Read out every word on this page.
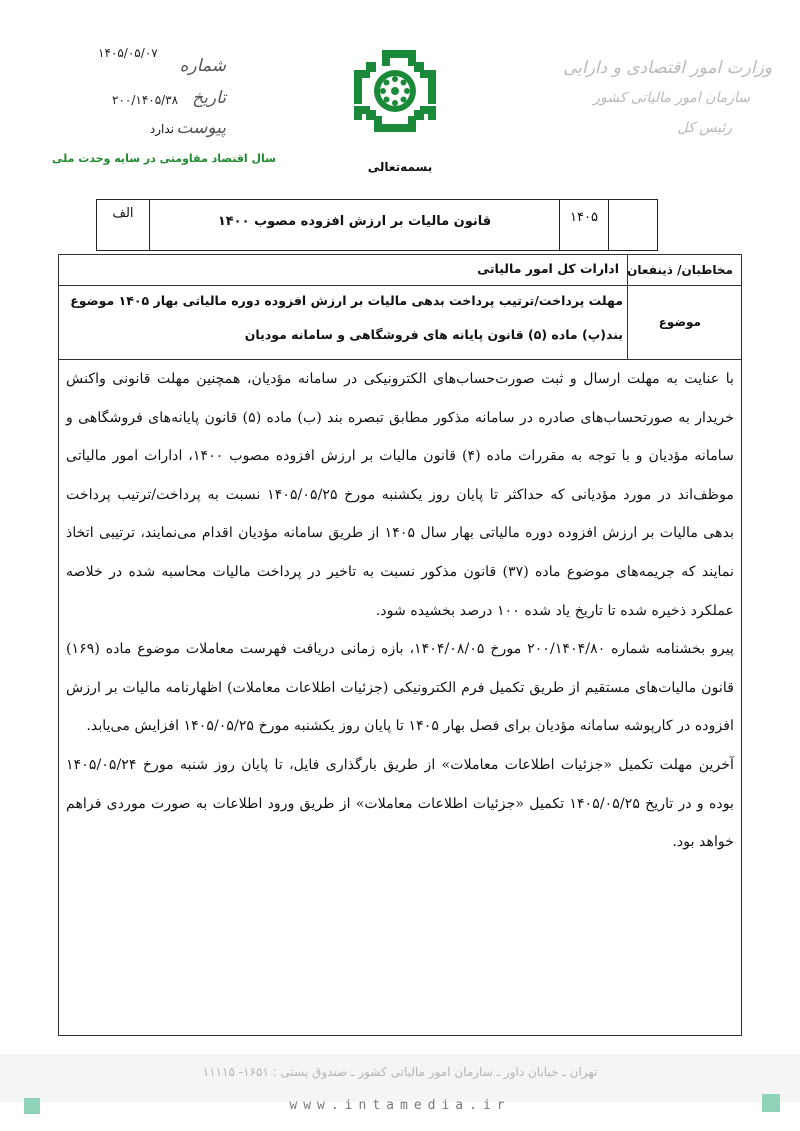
شماره
۱۴۰۵/۰۵/۰۷
تاریخ
۲۰۰/۱۴۰۵/۳۸
پیوست
ندارد
سال اقتصاد مقاومتی در سایه وحدت ملی
بسمه‌تعالی
وزارت امور اقتصادی و دارایی
سازمان امور مالیاتی کشور
رئیس کل
۱۴۰۵
قانون مالیات بر ارزش افزوده مصوب ۱۴۰۰
الف
مخاطبان/ ذینفعان
ادارات کل امور مالیاتی
موضوع
مهلت پرداخت/ترتیب پرداخت بدهی مالیات بر ارزش افزوده دوره مالیاتی بهار ۱۴۰۵ موضوع
بند(پ) ماده (۵) قانون پایانه های فروشگاهی و سامانه مودیان

با عنایت به مهلت ارسال و ثبت صورت‌حساب‌های الکترونیکی در سامانه مؤدیان، همچنین مهلت قانونی واکنش خریدار به صورتحساب‌های صادره در سامانه مذکور مطابق تبصره بند (ب) ماده (۵) قانون پایانه‌های فروشگاهی و سامانه مؤدیان و با توجه به مقررات ماده (۴) قانون مالیات بر ارزش افزوده مصوب ۱۴۰۰، ادارات امور مالیاتی موظف‌اند در مورد مؤدیانی که حداکثر تا پایان روز یکشنبه مورخ ۱۴۰۵/۰۵/۲۵ نسبت به پرداخت/ترتیب پرداخت بدهی مالیات بر ارزش افزوده دوره مالیاتی بهار سال ۱۴۰۵ از طریق سامانه مؤدیان اقدام می‌نمایند، ترتیبی اتخاذ نمایند که جریمه‌های موضوع ماده (۳۷) قانون مذکور نسبت به تاخیر در پرداخت مالیات محاسبه شده در خلاصه عملکرد ذخیره شده تا تاریخ یاد شده ۱۰۰ درصد بخشیده شود.

پیرو بخشنامه شماره ۲۰۰/۱۴۰۴/۸۰ مورخ ۱۴۰۴/۰۸/۰۵، بازه زمانی دریافت فهرست معاملات موضوع ماده (۱۶۹) قانون مالیات‌های مستقیم از طریق تکمیل فرم الکترونیکی (جزئیات اطلاعات معاملات) اظهارنامه مالیات بر ارزش افزوده در کارپوشه سامانه مؤدیان برای فصل بهار ۱۴۰۵ تا پایان روز یکشنبه مورخ ۱۴۰۵/۰۵/۲۵ افزایش می‌یابد.

آخرین مهلت تکمیل «جزئیات اطلاعات معاملات» از طریق بارگذاری فایل، تا پایان روز شنبه مورخ ۱۴۰۵/۰۵/۲۴ بوده و در تاریخ ۱۴۰۵/۰۵/۲۵ تکمیل «جزئیات اطلاعات معاملات» از طریق ورود اطلاعات به صورت موردی فراهم خواهد بود.

تهران ـ خیابان داور ـ سازمان امور مالیاتی کشور ـ صندوق پستی : ۱۶۵۱- ۱۱۱۱۵
www.intamedia.ir
